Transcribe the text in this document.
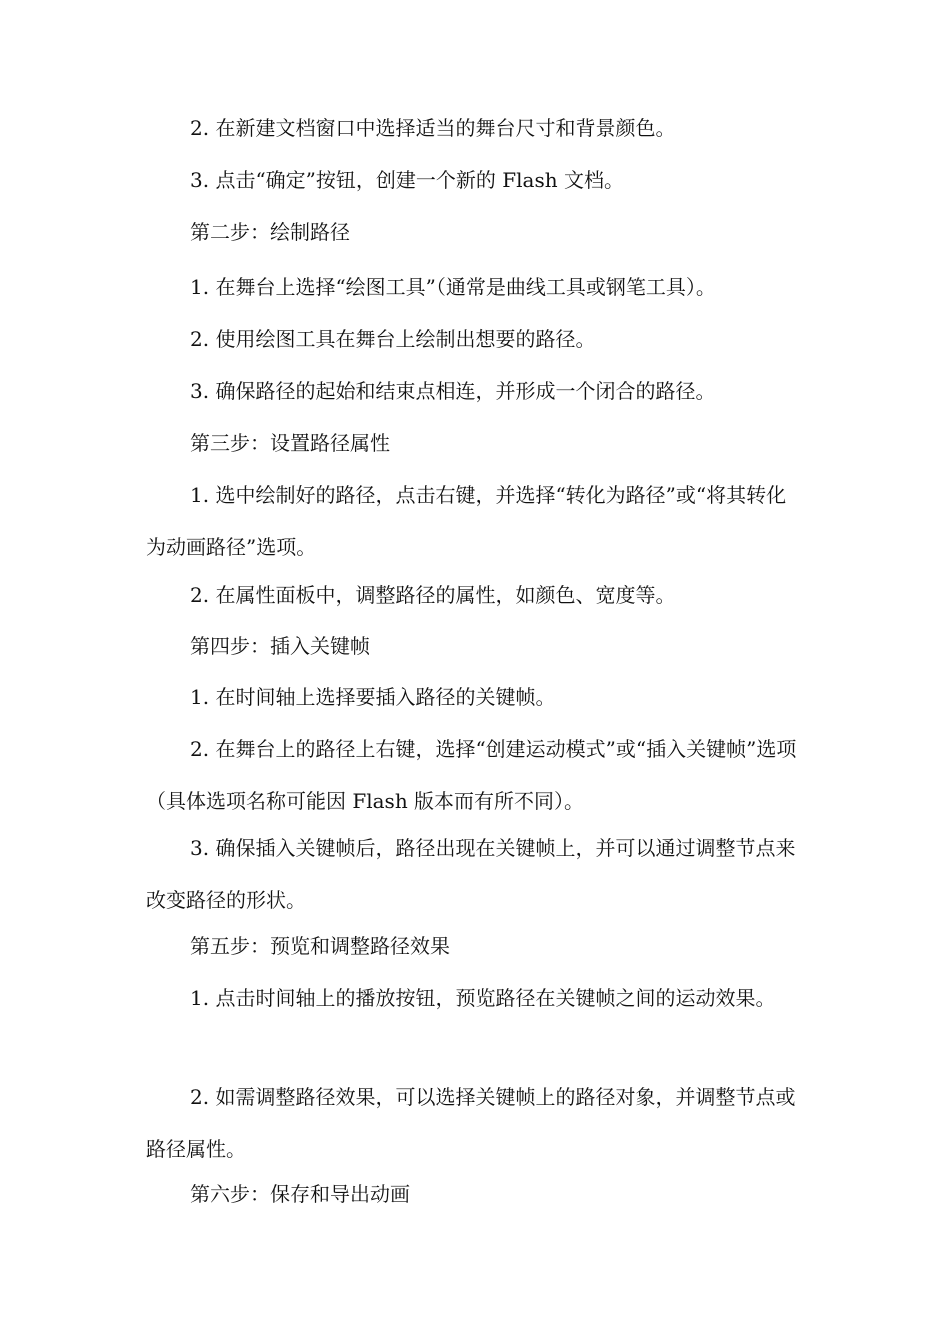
2. 在新建文档窗口中选择适当的舞台尺寸和背景颜色。

3. 点击“确定”按钮，创建一个新的 Flash 文档。

第二步：绘制路径

1. 在舞台上选择“绘图工具”（通常是曲线工具或钢笔工具）。

2. 使用绘图工具在舞台上绘制出想要的路径。

3. 确保路径的起始和结束点相连，并形成一个闭合的路径。

第三步：设置路径属性

1. 选中绘制好的路径，点击右键，并选择“转化为路径”或“将其转化为动画路径”选项。

2. 在属性面板中，调整路径的属性，如颜色、宽度等。

第四步：插入关键帧

1. 在时间轴上选择要插入路径的关键帧。

2. 在舞台上的路径上右键，选择“创建运动模式”或“插入关键帧”选项（具体选项名称可能因 Flash 版本而有所不同）。

3. 确保插入关键帧后，路径出现在关键帧上，并可以通过调整节点来改变路径的形状。

第五步：预览和调整路径效果

1. 点击时间轴上的播放按钮，预览路径在关键帧之间的运动效果。

2. 如需调整路径效果，可以选择关键帧上的路径对象，并调整节点或路径属性。

第六步：保存和导出动画
